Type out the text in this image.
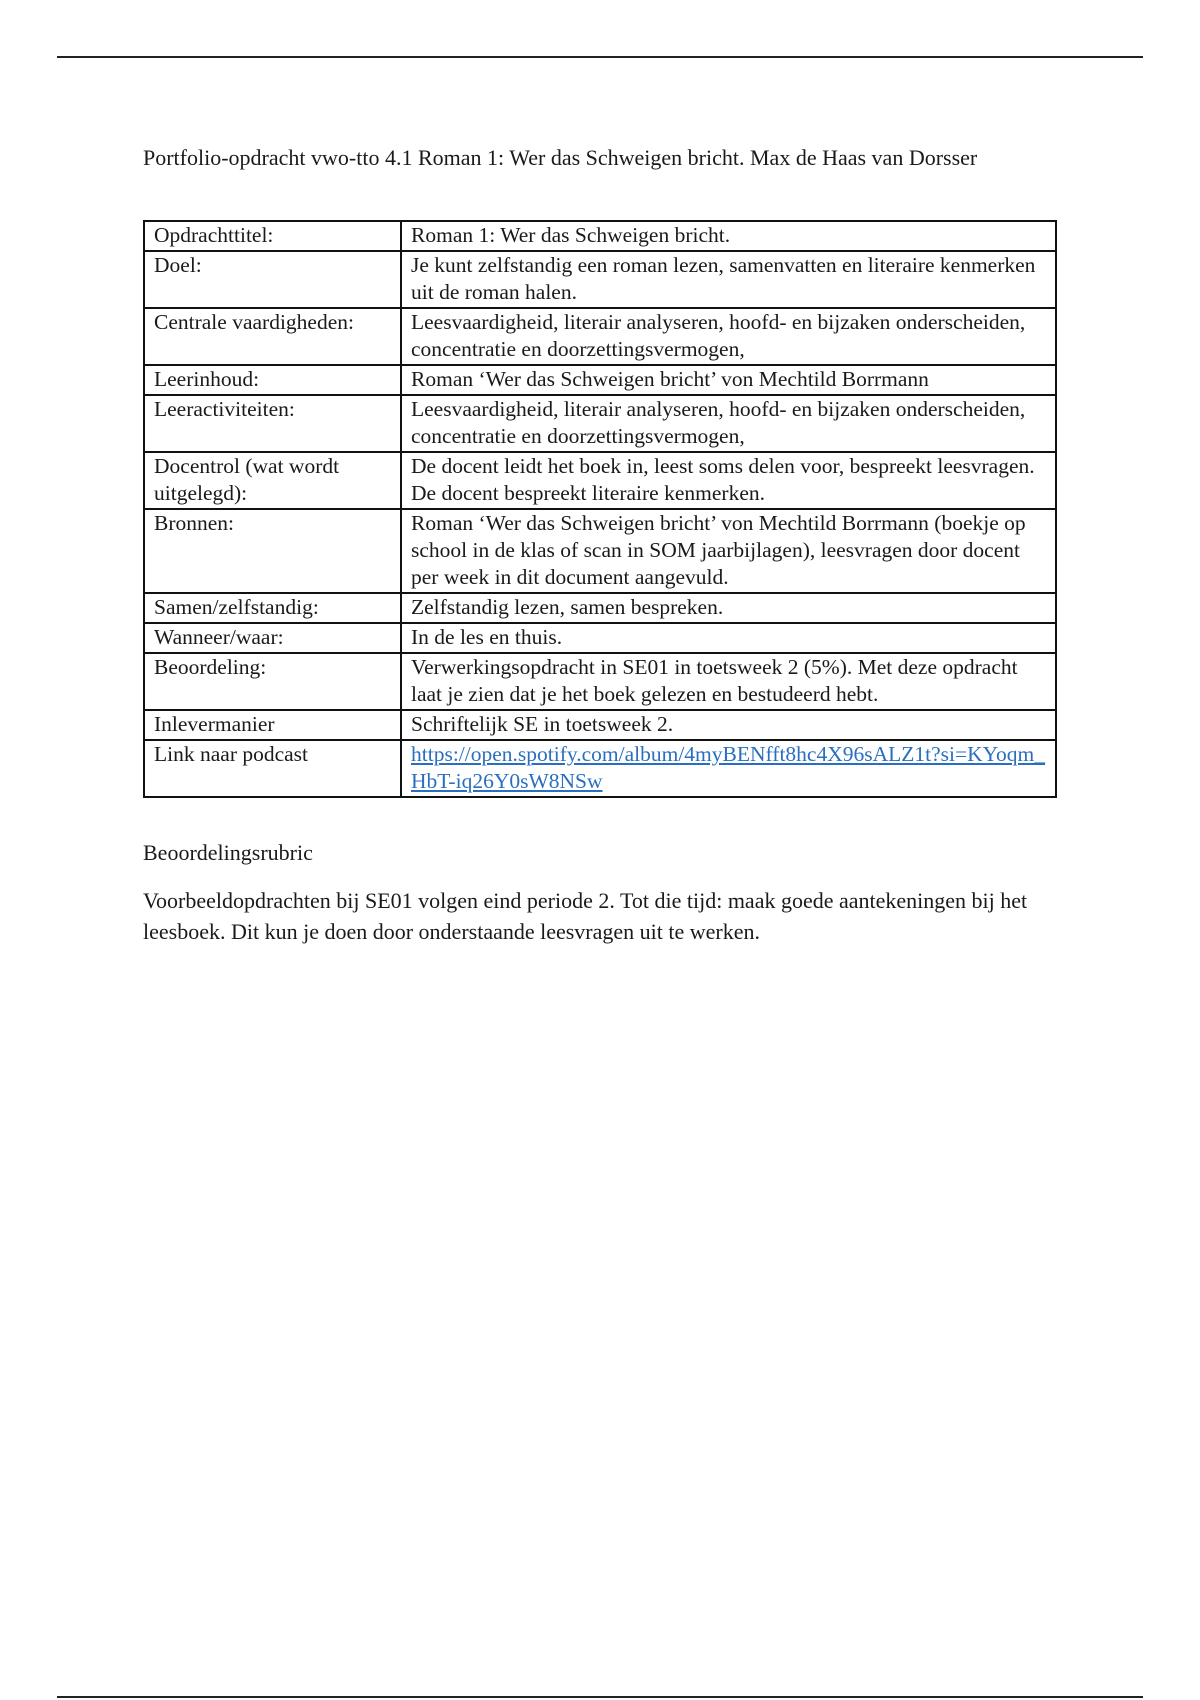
Portfolio-opdracht vwo-tto 4.1 Roman 1: Wer das Schweigen bricht. Max de Haas van Dorsser

Opdrachttitel:	Roman 1: Wer das Schweigen bricht.
Doel:	Je kunt zelfstandig een roman lezen, samenvatten en literaire kenmerken uit de roman halen.
Centrale vaardigheden:	Leesvaardigheid, literair analyseren, hoofd- en bijzaken onderscheiden, concentratie en doorzettingsvermogen,
Leerinhoud:	Roman ‘Wer das Schweigen bricht’ von Mechtild Borrmann
Leeractiviteiten:	Leesvaardigheid, literair analyseren, hoofd- en bijzaken onderscheiden, concentratie en doorzettingsvermogen,
Docentrol (wat wordt uitgelegd):	De docent leidt het boek in, leest soms delen voor, bespreekt leesvragen. De docent bespreekt literaire kenmerken.
Bronnen:	Roman ‘Wer das Schweigen bricht’ von Mechtild Borrmann (boekje op school in de klas of scan in SOM jaarbijlagen), leesvragen door docent per week in dit document aangevuld.
Samen/zelfstandig:	Zelfstandig lezen, samen bespreken.
Wanneer/waar:	In de les en thuis.
Beoordeling:	Verwerkingsopdracht in SE01 in toetsweek 2 (5%). Met deze opdracht laat je zien dat je het boek gelezen en bestudeerd hebt.
Inlevermanier	Schriftelijk SE in toetsweek 2.
Link naar podcast	https://open.spotify.com/album/4myBENfft8hc4X96sALZ1t?si=KYoqm_HbT-iq26Y0sW8NSw

Beoordelingsrubric

Voorbeeldopdrachten bij SE01 volgen eind periode 2. Tot die tijd: maak goede aantekeningen bij het leesboek. Dit kun je doen door onderstaande leesvragen uit te werken.
